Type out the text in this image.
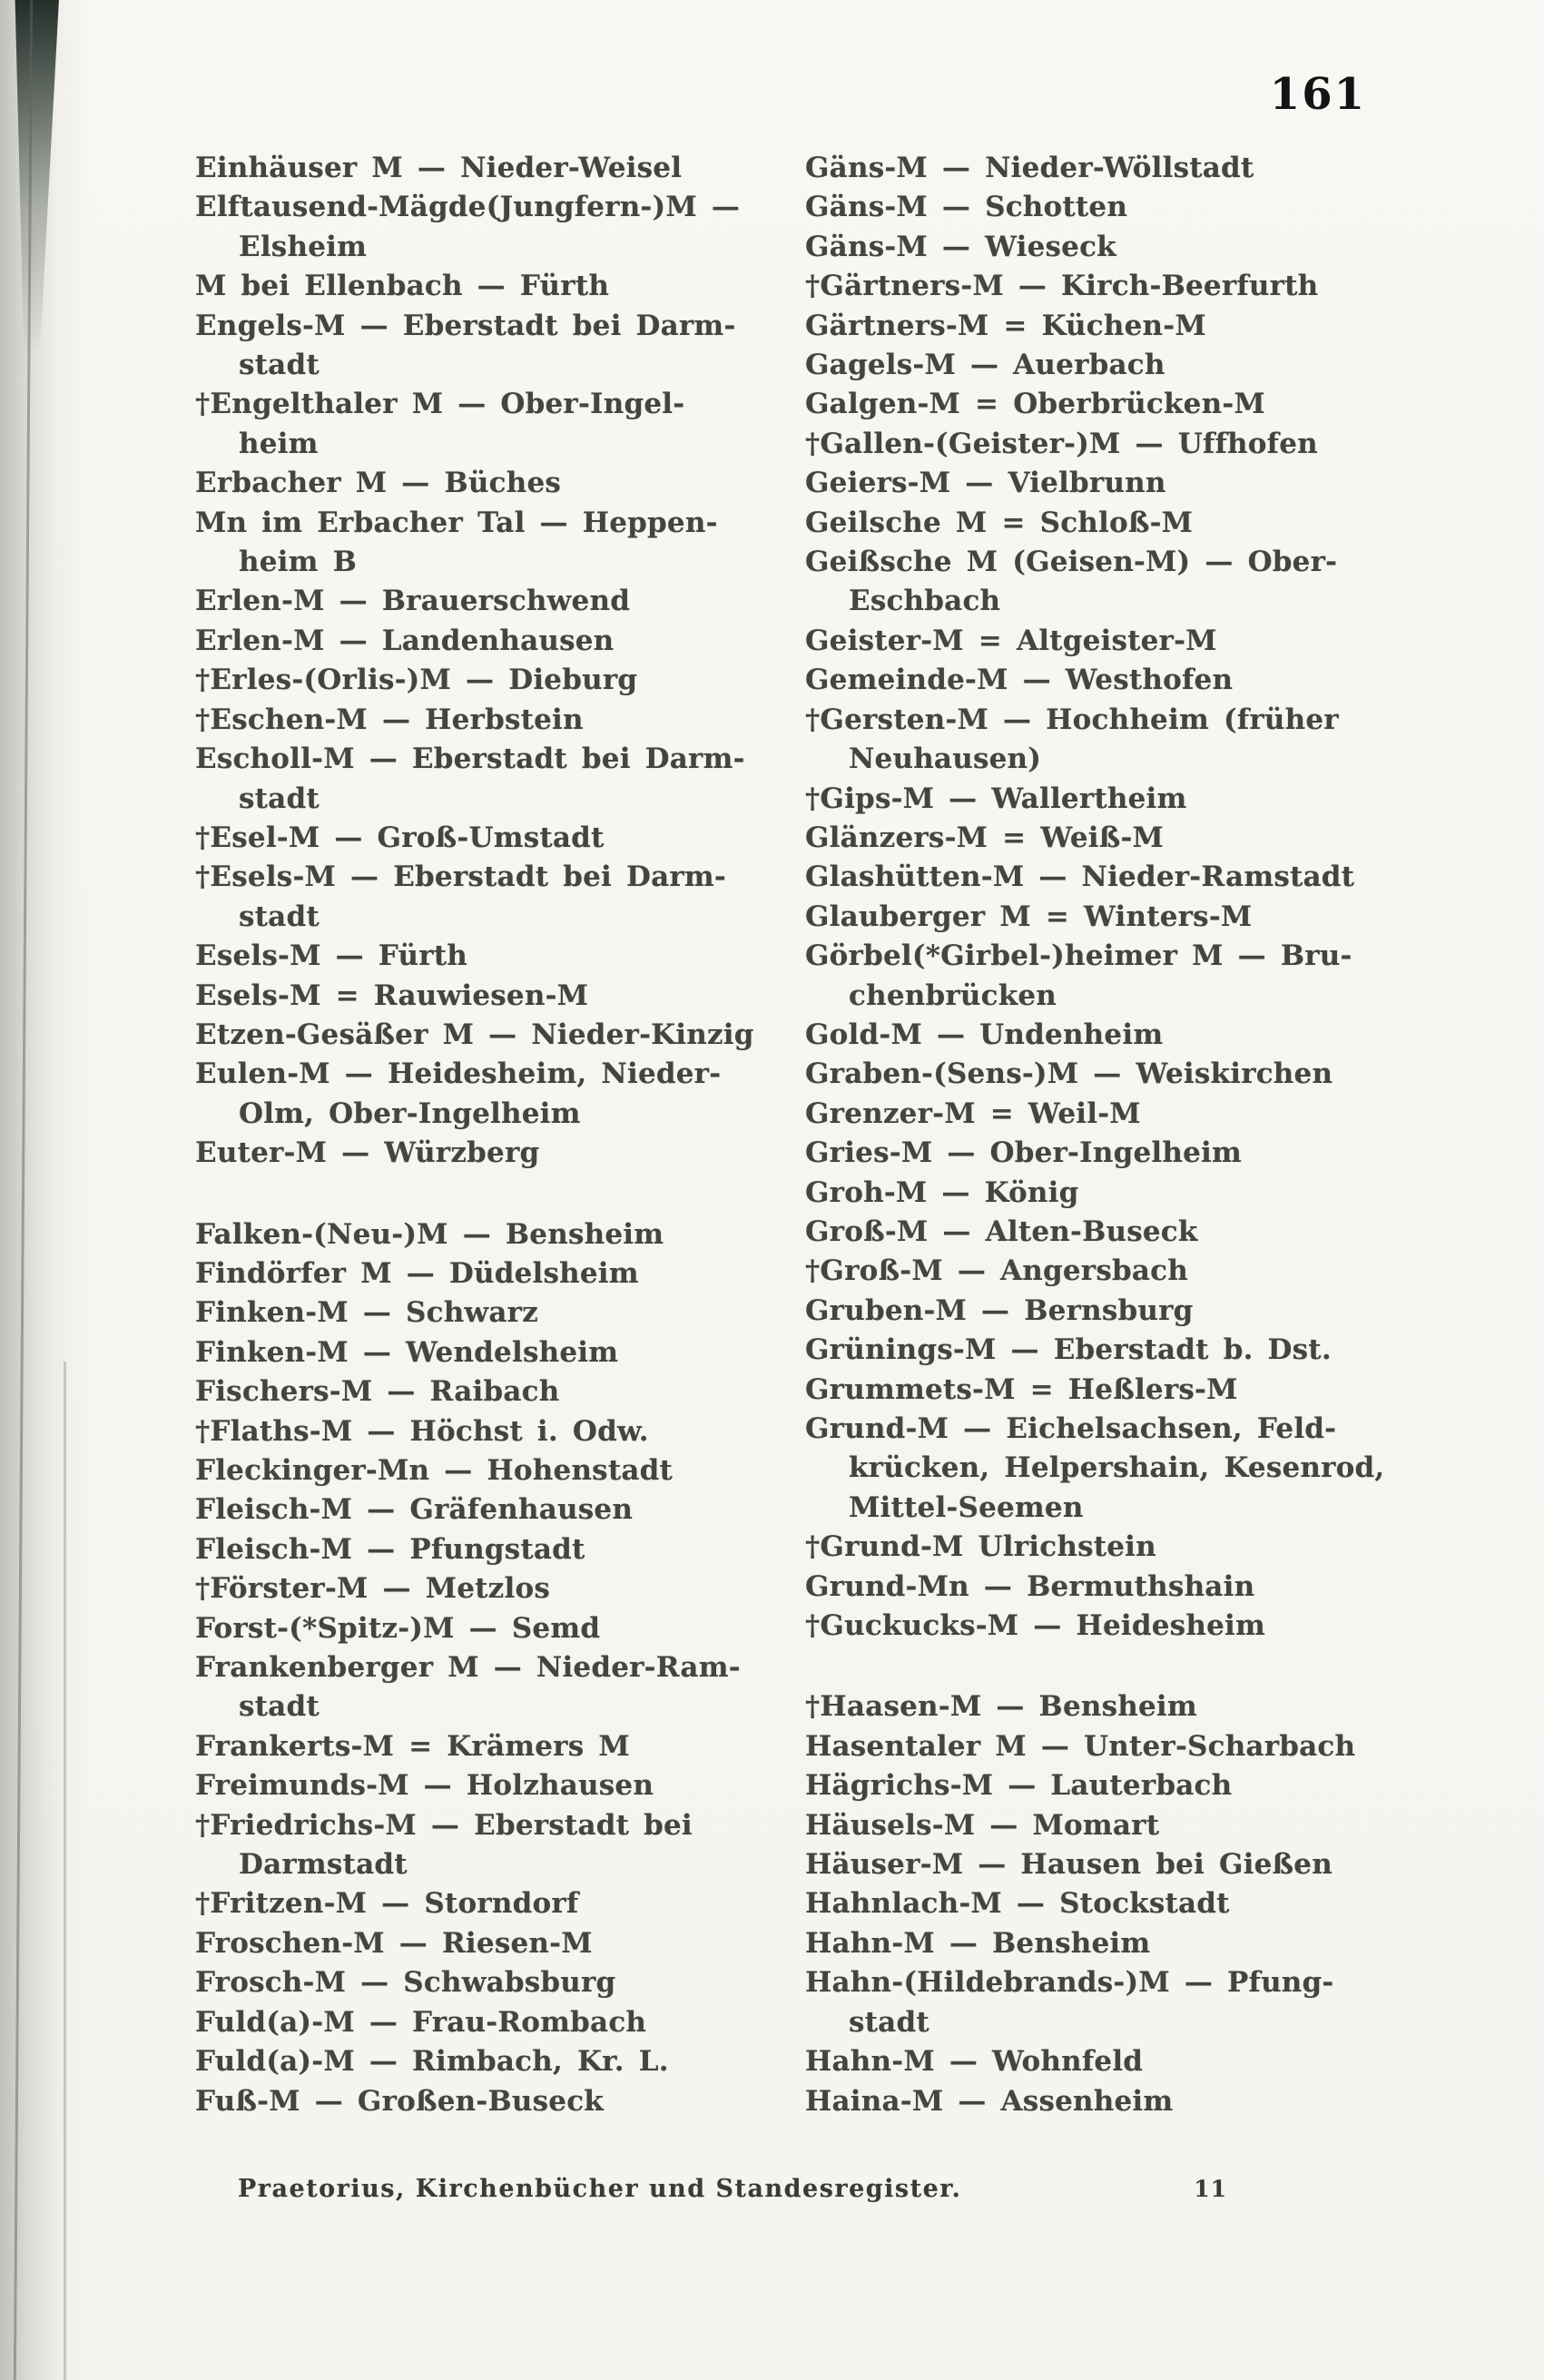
161
Einhäuser M — Nieder-Weisel
Elftausend-Mägde(Jungfern-)M —
Elsheim
M bei Ellenbach — Fürth
Engels-M — Eberstadt bei Darm-
stadt
†Engelthaler M — Ober-Ingel-
heim
Erbacher M — Büches
Mn im Erbacher Tal — Heppen-
heim B
Erlen-M — Brauerschwend
Erlen-M — Landenhausen
†Erles-(Orlis-)M — Dieburg
†Eschen-M — Herbstein
Escholl-M — Eberstadt bei Darm-
stadt
†Esel-M — Groß-Umstadt
†Esels-M — Eberstadt bei Darm-
stadt
Esels-M — Fürth
Esels-M = Rauwiesen-M
Etzen-Gesäßer M — Nieder-Kinzig
Eulen-M — Heidesheim, Nieder-
Olm, Ober-Ingelheim
Euter-M — Würzberg
Falken-(Neu-)M — Bensheim
Findörfer M — Düdelsheim
Finken-M — Schwarz
Finken-M — Wendelsheim
Fischers-M — Raibach
†Flaths-M — Höchst i. Odw.
Fleckinger-Mn — Hohenstadt
Fleisch-M — Gräfenhausen
Fleisch-M — Pfungstadt
†Förster-M — Metzlos
Forst-(*Spitz-)M — Semd
Frankenberger M — Nieder-Ram-
stadt
Frankerts-M = Krämers M
Freimunds-M — Holzhausen
†Friedrichs-M — Eberstadt bei
Darmstadt
†Fritzen-M — Storndorf
Froschen-M — Riesen-M
Frosch-M — Schwabsburg
Fuld(a)-M — Frau-Rombach
Fuld(a)-M — Rimbach, Kr. L.
Fuß-M — Großen-Buseck
Gäns-M — Nieder-Wöllstadt
Gäns-M — Schotten
Gäns-M — Wieseck
†Gärtners-M — Kirch-Beerfurth
Gärtners-M = Küchen-M
Gagels-M — Auerbach
Galgen-M = Oberbrücken-M
†Gallen-(Geister-)M — Uffhofen
Geiers-M — Vielbrunn
Geilsche M = Schloß-M
Geißsche M (Geisen-M) — Ober-
Eschbach
Geister-M = Altgeister-M
Gemeinde-M — Westhofen
†Gersten-M — Hochheim (früher
Neuhausen)
†Gips-M — Wallertheim
Glänzers-M = Weiß-M
Glashütten-M — Nieder-Ramstadt
Glauberger M = Winters-M
Görbel(*Girbel-)heimer M — Bru-
chenbrücken
Gold-M — Undenheim
Graben-(Sens-)M — Weiskirchen
Grenzer-M = Weil-M
Gries-M — Ober-Ingelheim
Groh-M — König
Groß-M — Alten-Buseck
†Groß-M — Angersbach
Gruben-M — Bernsburg
Grünings-M — Eberstadt b. Dst.
Grummets-M = Heßlers-M
Grund-M — Eichelsachsen, Feld-
krücken, Helpershain, Kesenrod,
Mittel-Seemen
†Grund-M Ulrichstein
Grund-Mn — Bermuthshain
†Guckucks-M — Heidesheim
†Haasen-M — Bensheim
Hasentaler M — Unter-Scharbach
Hägrichs-M — Lauterbach
Häusels-M — Momart
Häuser-M — Hausen bei Gießen
Hahnlach-M — Stockstadt
Hahn-M — Bensheim
Hahn-(Hildebrands-)M — Pfung-
stadt
Hahn-M — Wohnfeld
Haina-M — Assenheim
Praetorius, Kirchenbücher und Standesregister.	11
